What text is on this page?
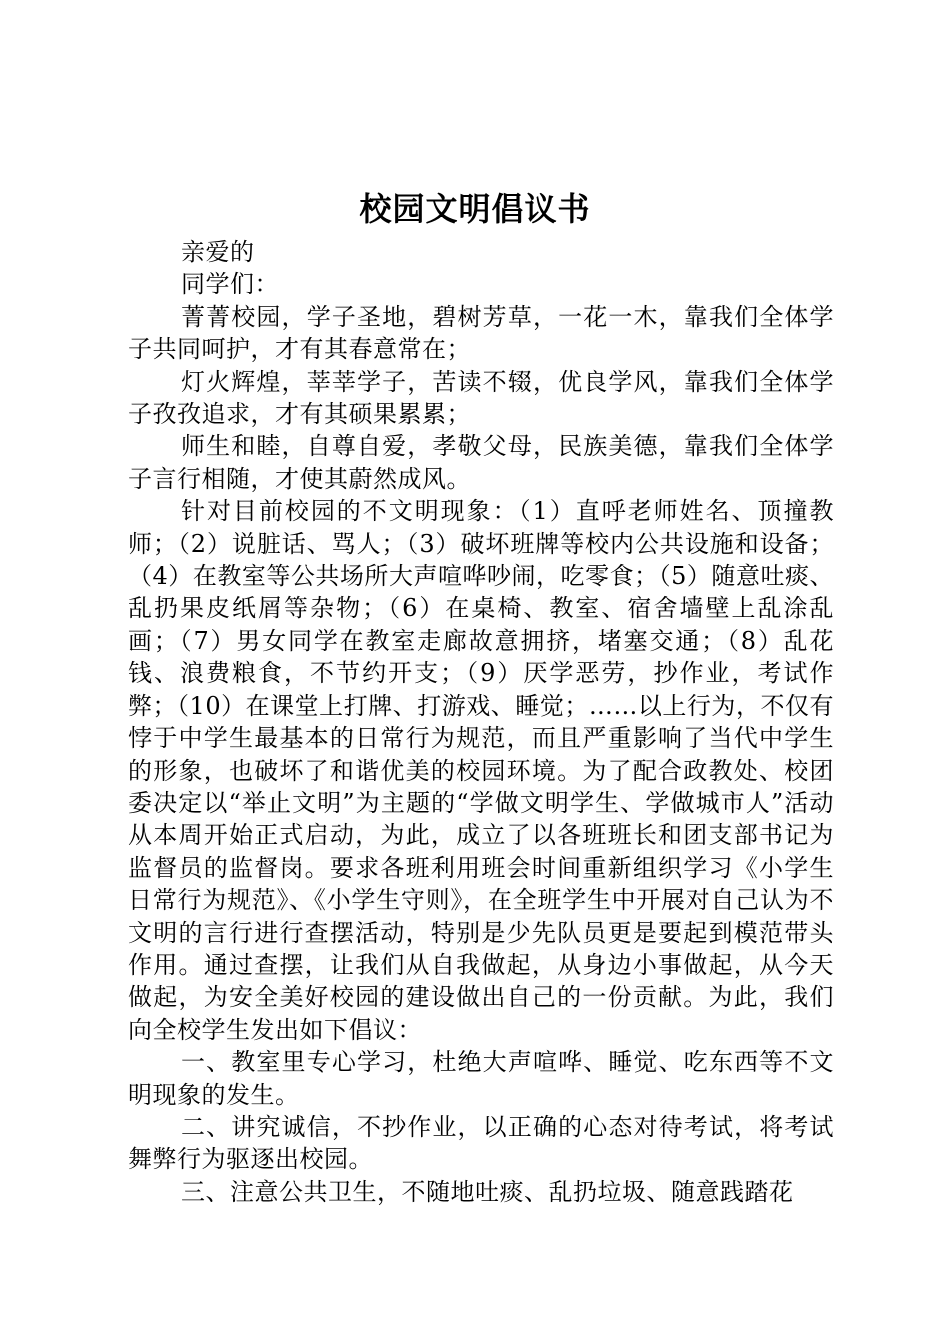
校园文明倡议书

亲爱的

同学们：

菁菁校园，学子圣地，碧树芳草，一花一木，靠我们全体学子共同呵护，才有其春意常在；

灯火辉煌，莘莘学子，苦读不辍，优良学风，靠我们全体学子孜孜追求，才有其硕果累累；

师生和睦，自尊自爱，孝敬父母，民族美德，靠我们全体学子言行相随，才使其蔚然成风。

针对目前校园的不文明现象：（1）直呼老师姓名、顶撞教师；（2）说脏话、骂人；（3）破坏班牌等校内公共设施和设备；（4）在教室等公共场所大声喧哗吵闹，吃零食；（5）随意吐痰、乱扔果皮纸屑等杂物；（6）在桌椅、教室、宿舍墙壁上乱涂乱画；（7）男女同学在教室走廊故意拥挤，堵塞交通；（8）乱花钱、浪费粮食，不节约开支；（9）厌学恶劳，抄作业，考试作弊；（10）在课堂上打牌、打游戏、睡觉；……以上行为，不仅有悖于中学生最基本的日常行为规范，而且严重影响了当代中学生的形象，也破坏了和谐优美的校园环境。为了配合政教处、校团委决定以“举止文明”为主题的“学做文明学生、学做城市人”活动从本周开始正式启动，为此，成立了以各班班长和团支部书记为监督员的监督岗。要求各班利用班会时间重新组织学习《小学生日常行为规范》、《小学生守则》，在全班学生中开展对自己认为不文明的言行进行查摆活动，特别是少先队员更是要起到模范带头作用。通过查摆，让我们从自我做起，从身边小事做起，从今天做起，为安全美好校园的建设做出自己的一份贡献。为此，我们向全校学生发出如下倡议：

一、教室里专心学习，杜绝大声喧哗、睡觉、吃东西等不文明现象的发生。

二、讲究诚信，不抄作业，以正确的心态对待考试，将考试舞弊行为驱逐出校园。

三、注意公共卫生，不随地吐痰、乱扔垃圾、随意践踏花
